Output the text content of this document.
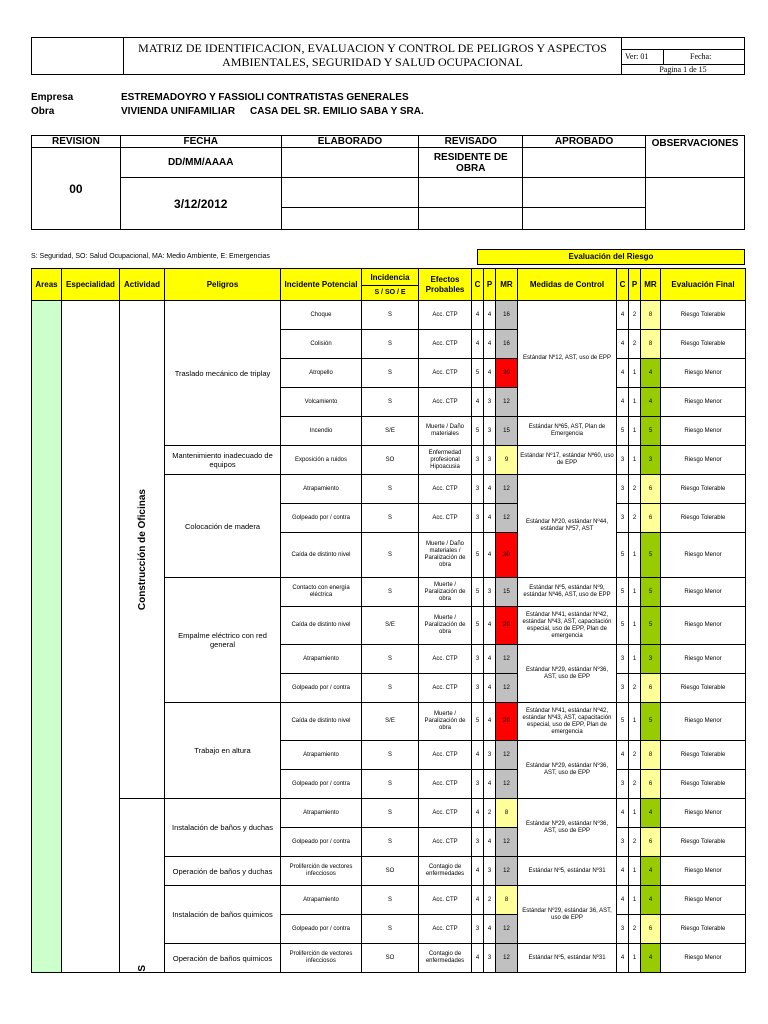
MATRIZ DE IDENTIFICACION, EVALUACION Y CONTROL DE PELIGROS Y ASPECTOS
AMBIENTALES, SEGURIDAD Y SALUD OCUPACIONAL	Ver: 01	Fecha:
Pagina 1 de 15
Empresa	ESTREMADOYRO Y FASSIOLI CONTRATISTAS GENERALES
Obra	VIVIENDA UNIFAMILIAR CASA DEL SR. EMILIO SABA Y SRA.
REVISION	FECHA	ELABORADO	REVISADO	APROBADO	OBSERVACIONES
00	DD/MM/AAAA		RESIDENTE DE OBRA		
	3/12/2012				

S: Seguridad, SO: Salud Ocupacional, MA: Medio Ambiente, E: Emergencias	Evaluación del Riesgo
Areas	Especialidad	Actividad	Peligros	Incidente Potencial	Incidencia
S / SO / E	Efectos Probables	C	P	MR	Medidas de Control	C	P	MR	Evaluación Final

		Construcción de Oficinas	Traslado mecánico de triplay	Choque	S	Acc. CTP	4	4	16	Estándar Nº12, AST, uso de EPP	4	2	8	Riesgo Tolerable
				Colisión	S	Acc. CTP	4	4	16		4	2	8	Riesgo Tolerable
				Atropello	S	Acc. CTP	5	4	20		4	1	4	Riesgo Menor
				Volcamiento	S	Acc. CTP	4	3	12		4	1	4	Riesgo Menor
				Incendio	S/E	Muerte / Daño materiales	5	3	15	Estándar Nº65, AST, Plan de Emergencia	5	1	5	Riesgo Menor
			Mantenimiento inadecuado de equipos	Exposición a ruidos	SO	Enfermedad profesional Hipoacusia	3	3	9	Estándar Nº17, estándar Nº60, uso de EPP	3	1	3	Riesgo Menor
			Colocación de madera	Atrapamiento	S	Acc. CTP	3	4	12	Estándar Nº20, estándar Nº44, estándar Nº57, AST	3	2	6	Riesgo Tolerable
				Golpeado por / contra	S	Acc. CTP	3	4	12		3	2	6	Riesgo Tolerable
				Caída de distinto nivel	S	Muerte / Daño materiales / Paralización de obra	5	4	20		5	1	5	Riesgo Menor
			Empalme eléctrico con red general	Contacto con energía eléctrica	S	Muerte / Paralización de obra	5	3	15	Estándar Nº5, estándar Nº9, estándar Nº46, AST, uso de EPP	5	1	5	Riesgo Menor
				Caída de distinto nivel	S/E	Muerte / Paralización de obra	5	4	20	Estándar Nº41, estándar Nº42, estándar Nº43, AST, capacitación especial, uso de EPP, Plan de emergencia	5	1	5	Riesgo Menor
				Atrapamiento	S	Acc. CTP	3	4	12	Estándar Nº29, estándar Nº36, AST, uso de EPP	3	1	3	Riesgo Menor
				Golpeado por / contra	S	Acc. CTP	3	4	12		3	2	6	Riesgo Tolerable
			Trabajo en altura	Caída de distinto nivel	S/E	Muerte / Paralización de obra	5	4	20	Estándar Nº41, estándar Nº42, estándar Nº43, AST, capacitación especial, uso de EPP, Plan de emergencia	5	1	5	Riesgo Menor
				Atrapamiento	S	Acc. CTP	4	3	12	Estándar Nº29, estándar Nº36, AST, uso de EPP	4	2	8	Riesgo Tolerable
				Golpeado por / contra	S	Acc. CTP	3	4	12		3	2	6	Riesgo Tolerable

		S	Instalación de baños y duchas	Atrapamiento	S	Acc. CTP	4	2	8	Estándar Nº29, estándar Nº36, AST, uso de EPP	4	1	4	Riesgo Menor
				Golpeado por / contra	S	Acc. CTP	3	4	12		3	2	6	Riesgo Tolerable
			Operación de baños y duchas	Proliferción de vectores infecciosos	SO	Contagio de enfermedades	4	3	12	Estándar Nº5, estándar Nº31	4	1	4	Riesgo Menor
			Instalación de baños quimicos	Atrapamiento	S	Acc. CTP	4	2	8	Estándar Nº29, estándar 36, AST, uso de EPP	4	1	4	Riesgo Menor
				Golpeado por / contra	S	Acc. CTP	3	4	12		3	2	6	Riesgo Tolerable
			Operación de baños quimicos	Proliferción de vectores infecciosos	SO	Contagio de enfermedades	4	3	12	Estándar Nº5, estándar Nº31	4	1	4	Riesgo Menor
